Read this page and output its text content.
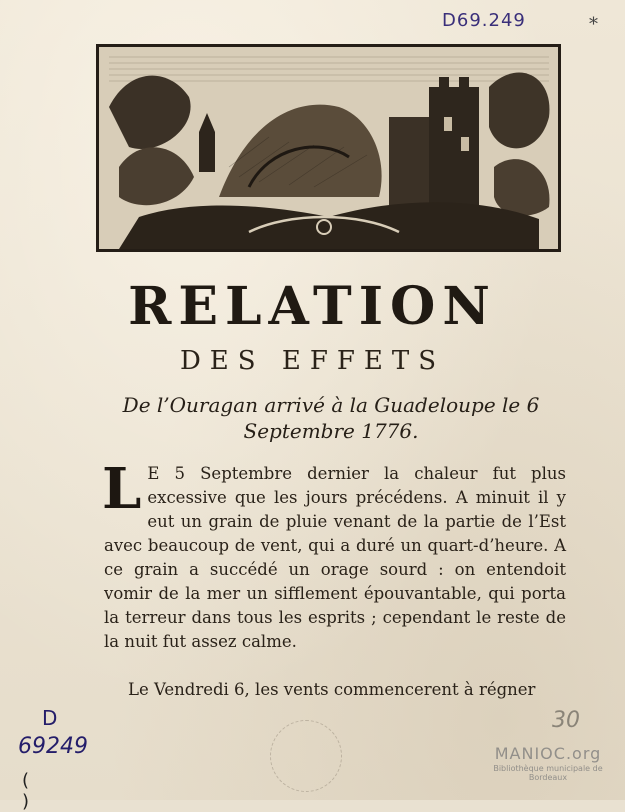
D69.249	*
RELATION
DES EFFETS
De l’Ouragan arrivé à la Guadeloupe le 6 Septembre 1776.
L E 5 Septembre dernier la chaleur fut plus excessive que les jours précédens. A minuit il y eut un grain de pluie venant de la partie de l’Est avec beaucoup de vent, qui a duré un quart-d’heure. A ce grain a succédé un orage sourd : on entendoit vomir de la mer un sifflement épouvantable, qui porta la terreur dans tous les esprits ; cependant le reste de la nuit fut assez calme.
Le Vendredi 6, les vents commencerent à régner
D
69249
( )
30
MANIOC.org
Bibliothèque municipale de Bordeaux
